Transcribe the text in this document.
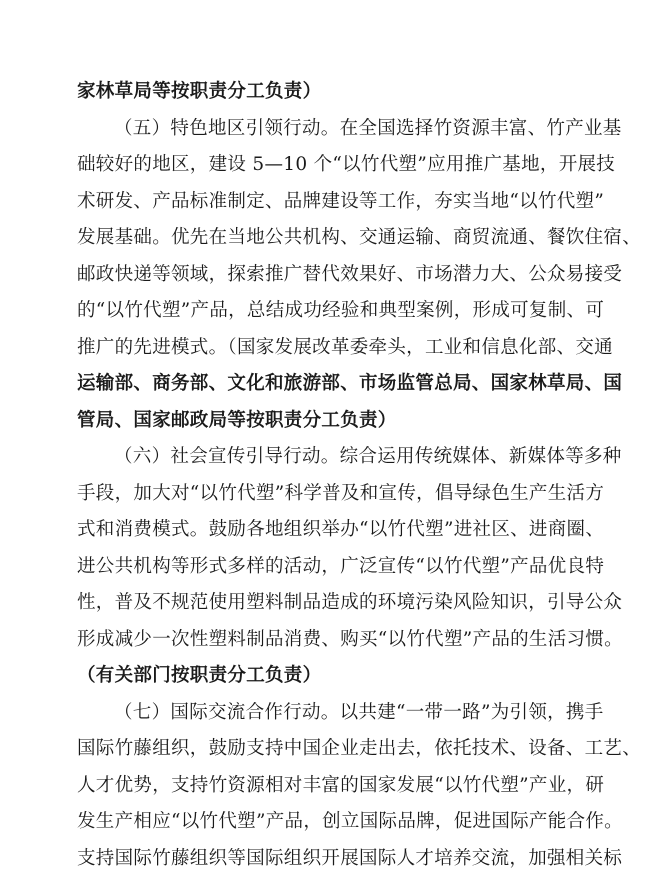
家林草局等按职责分工负责）
（五）特色地区引领行动。在全国选择竹资源丰富、竹产业基
础较好的地区，建设 5—10 个“以竹代塑”应用推广基地，开展技
术研发、产品标准制定、品牌建设等工作，夯实当地“以竹代塑”
发展基础。优先在当地公共机构、交通运输、商贸流通、餐饮住宿、
邮政快递等领域，探索推广替代效果好、市场潜力大、公众易接受
的“以竹代塑”产品，总结成功经验和典型案例，形成可复制、可
推广的先进模式。（国家发展改革委牵头，工业和信息化部、交通
运输部、商务部、文化和旅游部、市场监管总局、国家林草局、国
管局、国家邮政局等按职责分工负责）
（六）社会宣传引导行动。综合运用传统媒体、新媒体等多种
手段，加大对“以竹代塑”科学普及和宣传，倡导绿色生产生活方
式和消费模式。鼓励各地组织举办“以竹代塑”进社区、进商圈、
进公共机构等形式多样的活动，广泛宣传“以竹代塑”产品优良特
性，普及不规范使用塑料制品造成的环境污染风险知识，引导公众
形成减少一次性塑料制品消费、购买“以竹代塑”产品的生活习惯。
（有关部门按职责分工负责）
（七）国际交流合作行动。以共建“一带一路”为引领，携手
国际竹藤组织，鼓励支持中国企业走出去，依托技术、设备、工艺、
人才优势，支持竹资源相对丰富的国家发展“以竹代塑”产业，研
发生产相应“以竹代塑”产品，创立国际品牌，促进国际产能合作。
支持国际竹藤组织等国际组织开展国际人才培养交流，加强相关标
